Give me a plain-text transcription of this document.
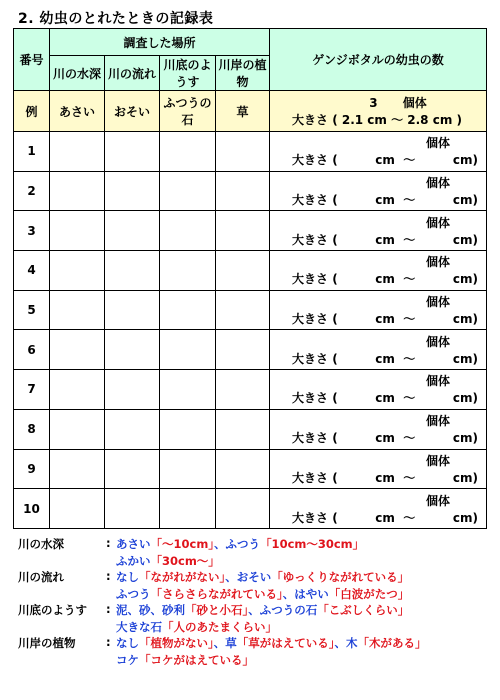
2. 幼虫のとれたときの記録表
番号	調査した場所				ゲンジボタルの幼虫の数
	川の水深	川の流れ	川底のようす	川岸の植物	
例	あさい	おそい	ふつうの石	草	3 個体
大きさ ( 2.1 cm ～ 2.8 cm )

1					個体
大きさ (         cm  ～         cm)

2					個体
大きさ (         cm  ～         cm)

3					個体
大きさ (         cm  ～         cm)

4					個体
大きさ (         cm  ～         cm)

5					個体
大きさ (         cm  ～         cm)

6					個体
大きさ (         cm  ～         cm)

7					個体
大きさ (         cm  ～         cm)

8					個体
大きさ (         cm  ～         cm)

9					個体
大きさ (         cm  ～         cm)

10					個体
大きさ (         cm  ～         cm)
川の水深	: あさい「～10cm」、ふつう「10cm～30cm」
ふかい「30cm～」
川の流れ	: なし「ながれがない」、おそい「ゆっくりながれている」
ふつう「さらさらながれている」、はやい「白波がたつ」
川底のようす : 泥、砂、砂利「砂と小石」、ふつうの石「こぶしくらい」
大きな石「人のあたまくらい」
川岸の植物	: なし「植物がない」、草「草がはえている」、木「木がある」
コケ「コケがはえている」
